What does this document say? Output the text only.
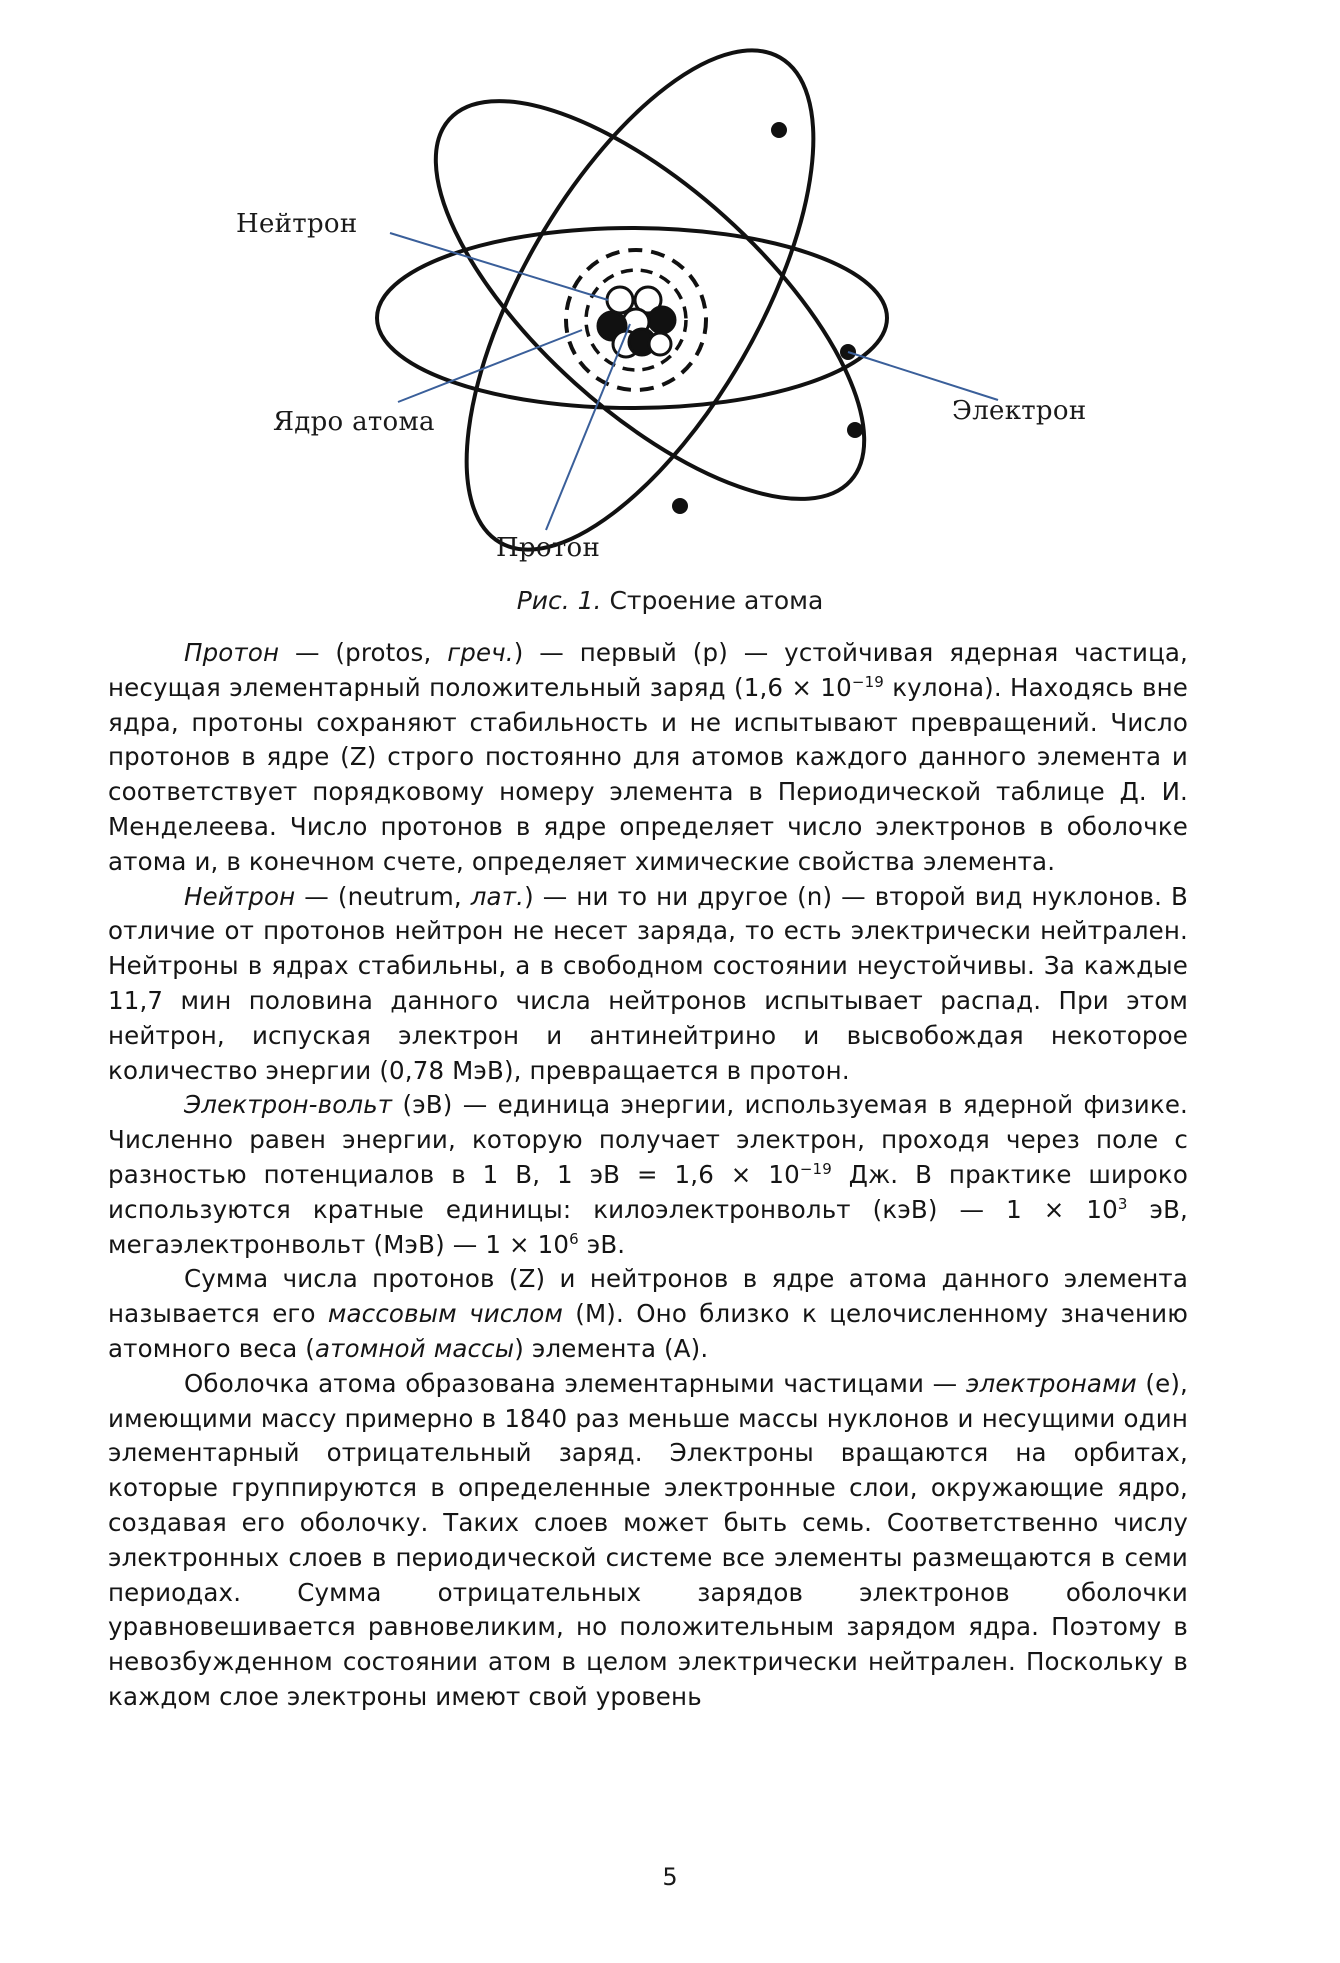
Нейтрон
Ядро атома	Электрон
Протон
Рис. 1. Строение атома

Протон — (protos, греч.) — первый (p) — устойчивая ядерная частица, несущая элементарный положительный заряд ($1,6 \times 10^{-19}$ кулона). Находясь вне ядра, протоны сохраняют стабильность и не испытывают превращений. Число протонов в ядре (Z) строго постоянно для атомов каждого данного элемента и соответствует порядковому номеру элемента в Периодической таблице Д. И. Менделеева. Число протонов в ядре определяет число электронов в оболочке атома и, в конечном счете, определяет химические свойства элемента.

Нейтрон — (neutrum, лат.) — ни то ни другое (n) — второй вид нуклонов. В отличие от протонов нейтрон не несет заряда, то есть электрически нейтрален. Нейтроны в ядрах стабильны, а в свободном состоянии неустойчивы. За каждые 11,7 мин половина данного числа нейтронов испытывает распад. При этом нейтрон, испуская электрон и антинейтрино и высвобождая некоторое количество энергии (0,78 МэВ), превращается в протон.

Электрон-вольт (эВ) — единица энергии, используемая в ядерной физике. Численно равен энергии, которую получает электрон, проходя через поле с разностью потенциалов в 1 В, 1 эВ = $1,6 \times 10^{-19}$ Дж. В практике широко используются кратные единицы: килоэлектронвольт (кэВ) — $1 \times 10^3$ эВ, мегаэлектронвольт (МэВ) — $1 \times 10^6$ эВ.

Сумма числа протонов (Z) и нейтронов в ядре атома данного элемента называется его массовым числом (M). Оно близко к целочисленному значению атомного веса (атомной массы) элемента (A).

Оболочка атома образована элементарными частицами — электронами (e), имеющими массу примерно в 1840 раз меньше массы нуклонов и несущими один элементарный отрицательный заряд. Электроны вращаются на орбитах, которые группируются в определенные электронные слои, окружающие ядро, создавая его оболочку. Таких слоев может быть семь. Соответственно числу электронных слоев в периодической системе все элементы размещаются в семи периодах. Сумма отрицательных зарядов электронов оболочки уравновешивается равновеликим, но положительным зарядом ядра. Поэтому в невозбужденном состоянии атом в целом электрически нейтрален. Поскольку в каждом слое электроны имеют свой уровень

5
